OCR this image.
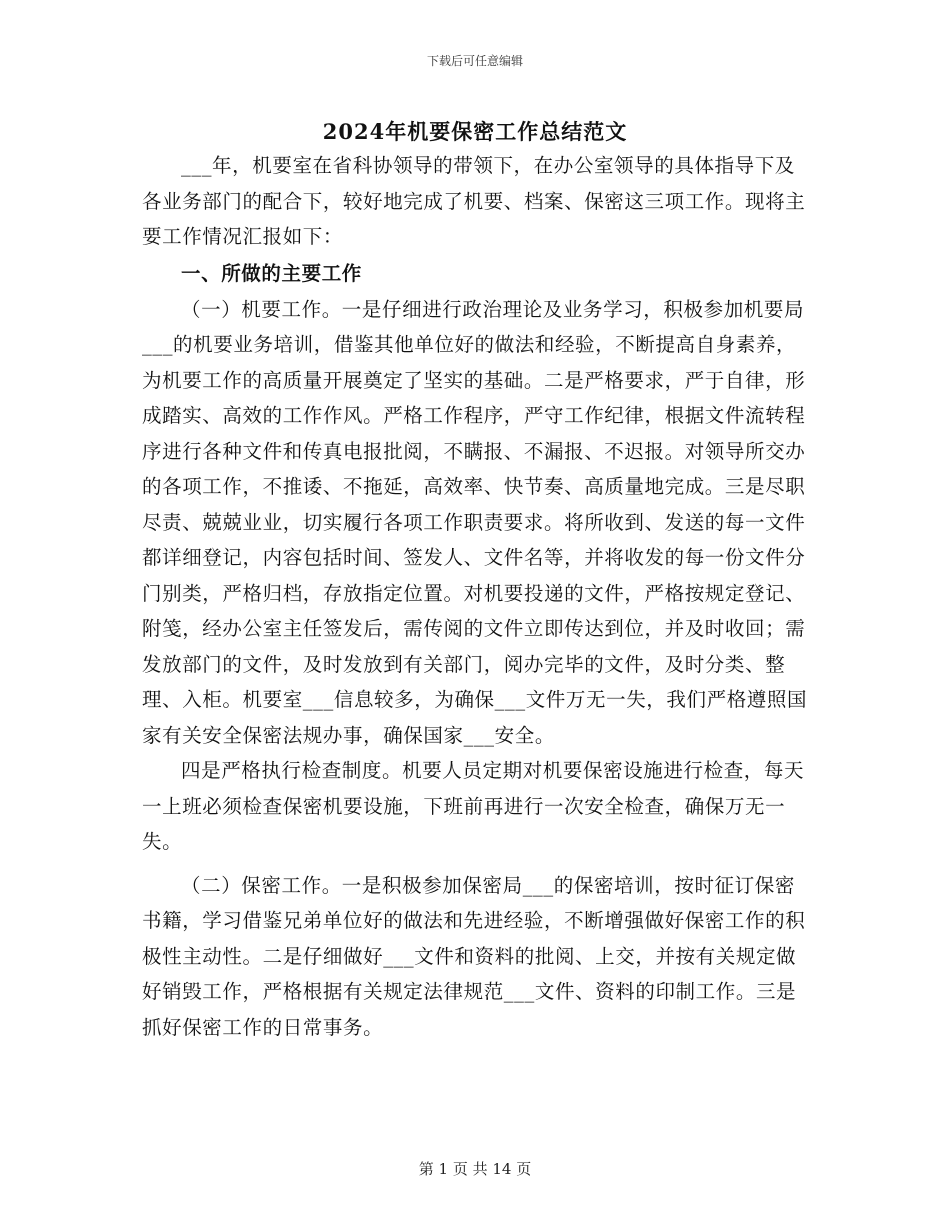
下载后可任意编辑
2024年机要保密工作总结范文

___年，机要室在省科协领导的带领下，在办公室领导的具体指导下及各业务部门的配合下，较好地完成了机要、档案、保密这三项工作。现将主要工作情况汇报如下：

一、所做的主要工作

（一）机要工作。一是仔细进行政治理论及业务学习，积极参加机要局___的机要业务培训，借鉴其他单位好的做法和经验，不断提高自身素养，为机要工作的高质量开展奠定了坚实的基础。二是严格要求，严于自律，形成踏实、高效的工作作风。严格工作程序，严守工作纪律，根据文件流转程序进行各种文件和传真电报批阅，不瞒报、不漏报、不迟报。对领导所交办的各项工作，不推诿、不拖延，高效率、快节奏、高质量地完成。三是尽职尽责、兢兢业业，切实履行各项工作职责要求。将所收到、发送的每一文件都详细登记，内容包括时间、签发人、文件名等，并将收发的每一份文件分门别类，严格归档，存放指定位置。对机要投递的文件，严格按规定登记、附笺，经办公室主任签发后，需传阅的文件立即传达到位，并及时收回；需发放部门的文件，及时发放到有关部门，阅办完毕的文件，及时分类、整理、入柜。机要室___信息较多，为确保___文件万无一失，我们严格遵照国家有关安全保密法规办事，确保国家___安全。

四是严格执行检查制度。机要人员定期对机要保密设施进行检查，每天一上班必须检查保密机要设施，下班前再进行一次安全检查，确保万无一失。

（二）保密工作。一是积极参加保密局___的保密培训，按时征订保密书籍，学习借鉴兄弟单位好的做法和先进经验，不断增强做好保密工作的积极性主动性。二是仔细做好___文件和资料的批阅、上交，并按有关规定做好销毁工作，严格根据有关规定法律规范___文件、资料的印制工作。三是抓好保密工作的日常事务。

第 1 页 共 14 页
